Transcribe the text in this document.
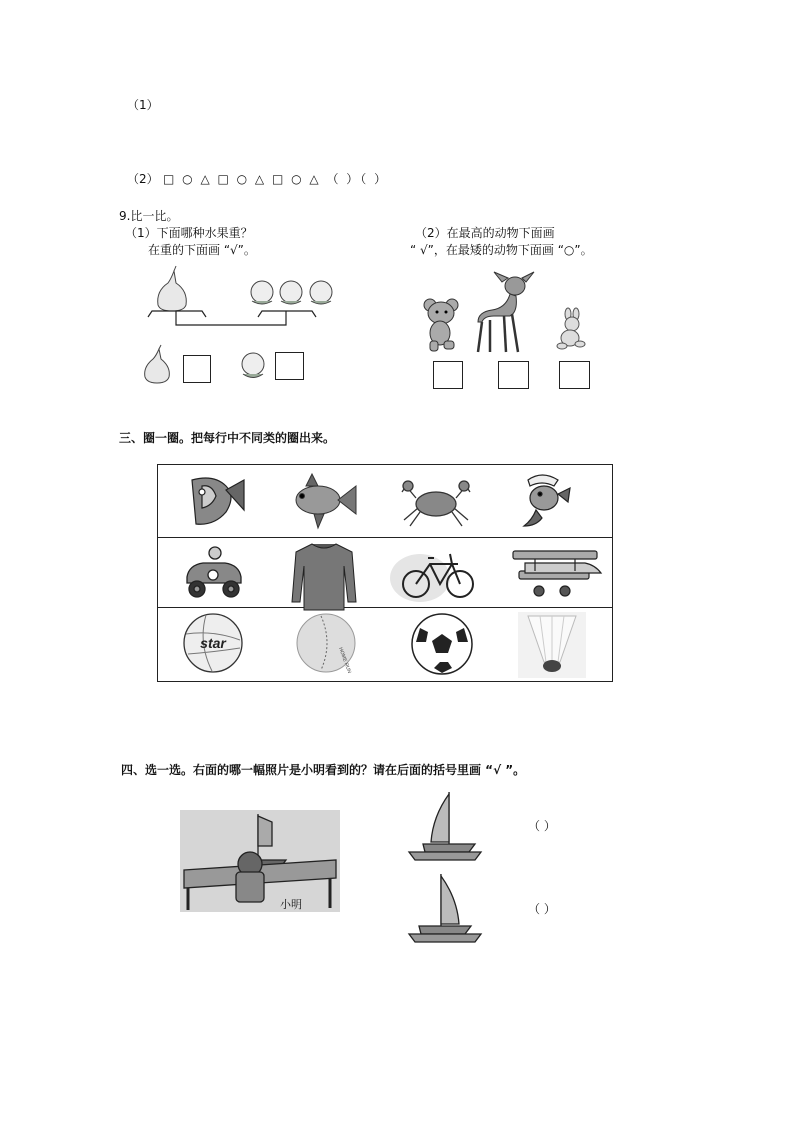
（1）
（2） □ ○ △ □ ○ △ □ ○ △ （ ）（ ）
9.比一比。
（1）下面哪种水果重？
在重的下面画 “√”。
（2）在最高的动物下面画
“ √”，在最矮的动物下面画 “○”。
三、圈一圈。把每行中不同类的圈出来。
star
HOME RUN
四、选一选。右面的哪一幅照片是小明看到的？请在后面的括号里画 “√ ”。
小明
（ ）
（ ）
